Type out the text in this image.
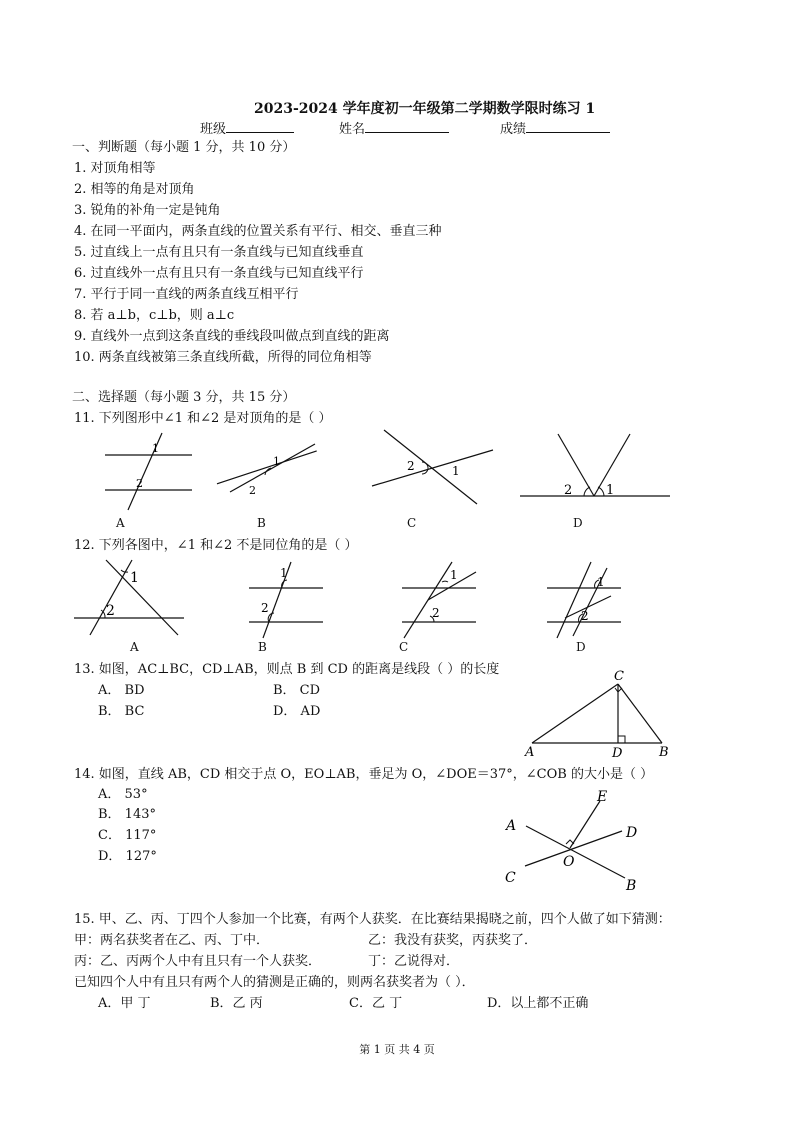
2023-2024 学年度初一年级第二学期数学限时练习 1
班级	姓名	成绩
一、判断题（每小题 1 分，共 10 分）
1. 对顶角相等
2. 相等的角是对顶角
3. 锐角的补角一定是钝角
4. 在同一平面内，两条直线的位置关系有平行、相交、垂直三种
5. 过直线上一点有且只有一条直线与已知直线垂直
6. 过直线外一点有且只有一条直线与已知直线平行
7. 平行于同一直线的两条直线互相平行
8. 若 a⊥b，c⊥b，则 a⊥c
9. 直线外一点到这条直线的垂线段叫做点到直线的距离
10. 两条直线被第三条直线所截，所得的同位角相等
二、选择题（每小题 3 分，共 15 分）
11. 下列图形中∠1 和∠2 是对顶角的是（ ）
1
2
1
2
2	1
2	1
A	B	C	D
12. 下列各图中，∠1 和∠2 不是同位角的是（ ）
1
2
1
2
1
2
1
2
A	B	C	D
13. 如图，AC⊥BC，CD⊥AB，则点 B 到 CD 的距离是线段（ ）的长度
A． BD	B． CD
B． BC	D． AD
C
A	D	B
14. 如图，直线 AB，CD 相交于点 O，EO⊥AB，垂足为 O，∠DOE＝37°，∠COB 的大小是（ ）
A． 53°
B． 143°
C． 117°
D． 127°
E
A	D
O
C	B
15. 甲、乙、丙、丁四个人参加一个比赛，有两个人获奖．在比赛结果揭晓之前，四个人做了如下猜测：
甲：两名获奖者在乙、丙、丁中．	乙：我没有获奖，丙获奖了．
丙：乙、丙两个人中有且只有一个人获奖．	丁：乙说得对．
已知四个人中有且只有两个人的猜测是正确的，则两名获奖者为（ ）．
A．甲 丁	B．乙 丙	C．乙 丁	D．以上都不正确
第 1 页 共 4 页
